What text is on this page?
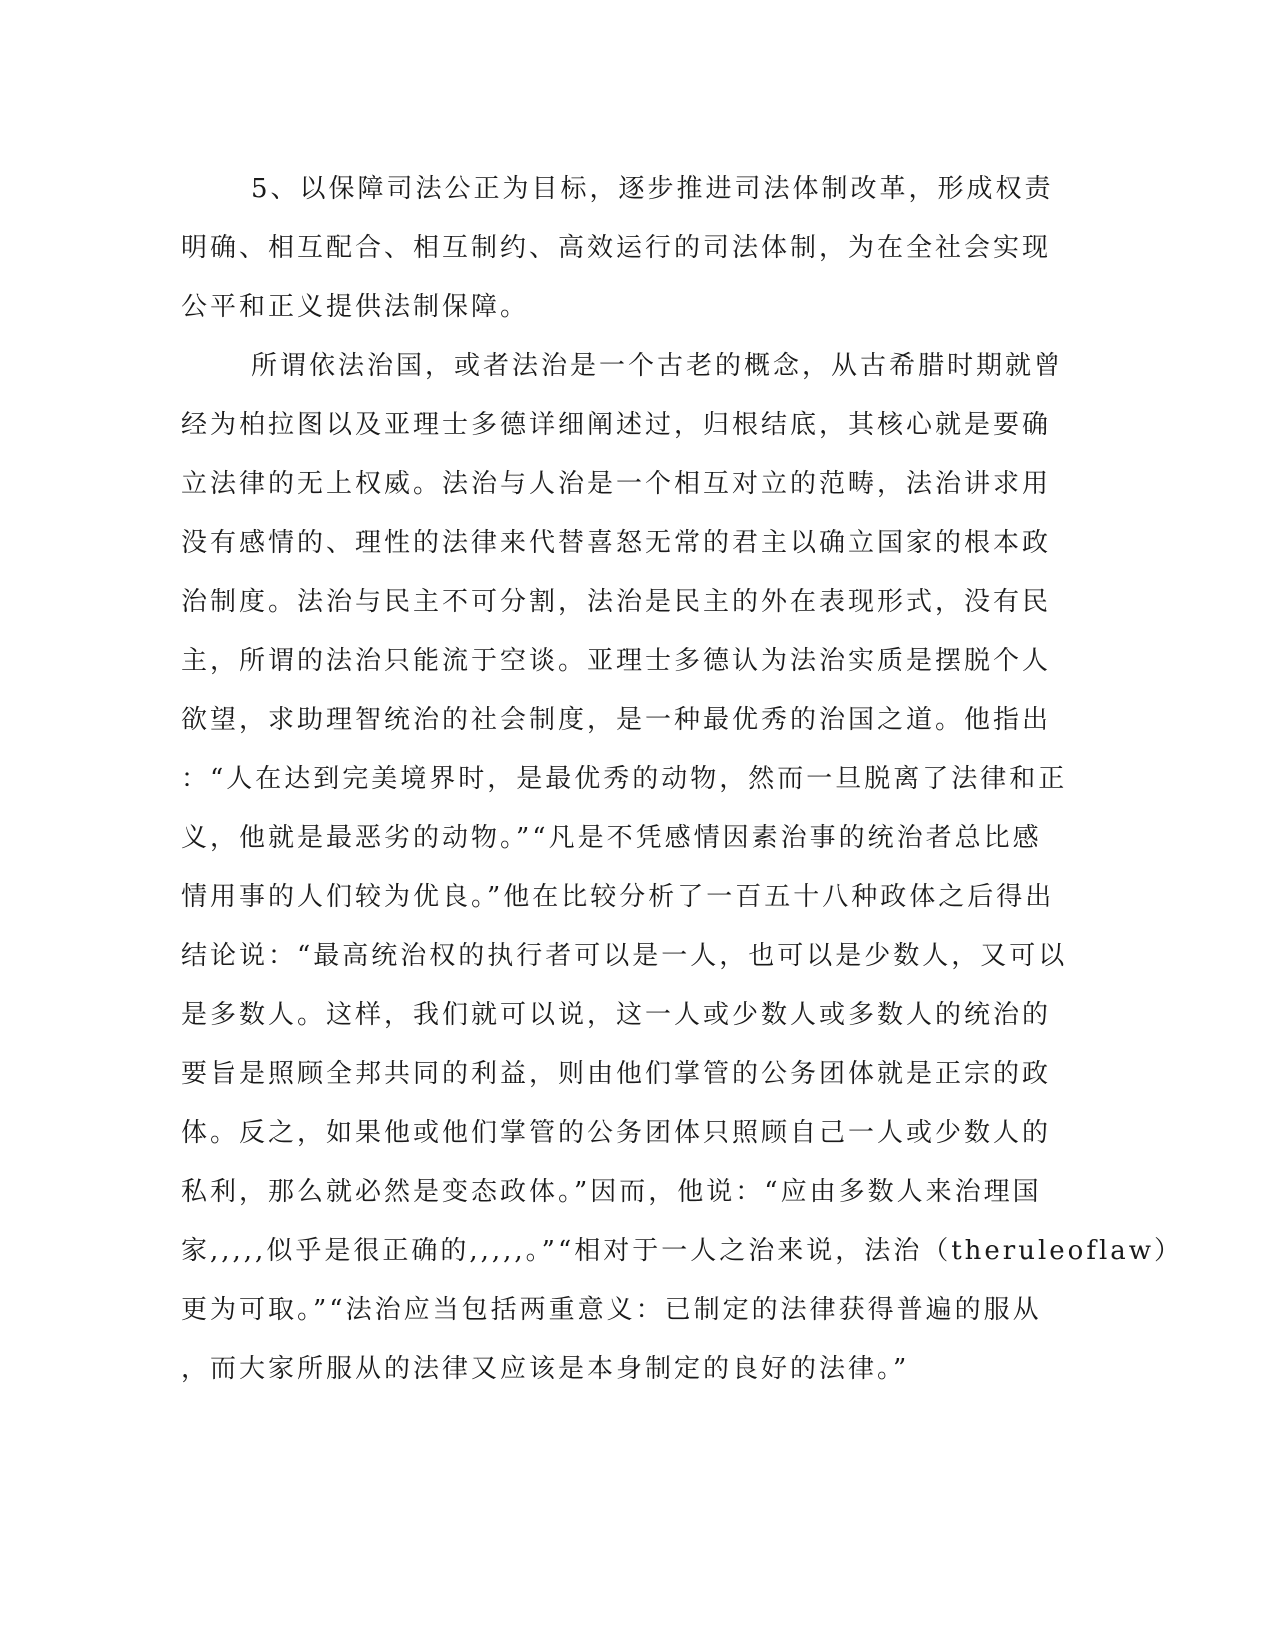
5、以保障司法公正为目标，逐步推进司法体制改革，形成权责
明确、相互配合、相互制约、高效运行的司法体制，为在全社会实现
公平和正义提供法制保障。
所谓依法治国，或者法治是一个古老的概念，从古希腊时期就曾
经为柏拉图以及亚理士多德详细阐述过，归根结底，其核心就是要确
立法律的无上权威。法治与人治是一个相互对立的范畴，法治讲求用
没有感情的、理性的法律来代替喜怒无常的君主以确立国家的根本政
治制度。法治与民主不可分割，法治是民主的外在表现形式，没有民
主，所谓的法治只能流于空谈。亚理士多德认为法治实质是摆脱个人
欲望，求助理智统治的社会制度，是一种最优秀的治国之道。他指出
：“人在达到完美境界时，是最优秀的动物，然而一旦脱离了法律和正
义，他就是最恶劣的动物。”“凡是不凭感情因素治事的统治者总比感
情用事的人们较为优良。”他在比较分析了一百五十八种政体之后得出
结论说：“最高统治权的执行者可以是一人，也可以是少数人，又可以
是多数人。这样，我们就可以说，这一人或少数人或多数人的统治的
要旨是照顾全邦共同的利益，则由他们掌管的公务团体就是正宗的政
体。反之，如果他或他们掌管的公务团体只照顾自己一人或少数人的
私利，那么就必然是变态政体。”因而，他说：“应由多数人来治理国
家,,,,,似乎是很正确的,,,,,。”“相对于一人之治来说，法治（theruleoflaw）
更为可取。”“法治应当包括两重意义：已制定的法律获得普遍的服从
，而大家所服从的法律又应该是本身制定的良好的法律。”
